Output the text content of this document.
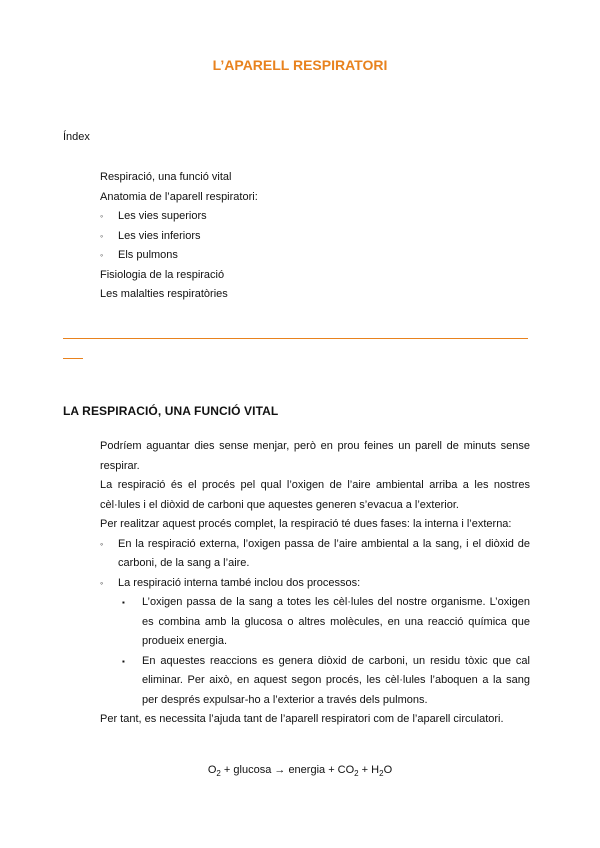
L’APARELL RESPIRATORI
Índex
Respiració, una funció vital
Anatomia de l’aparell respiratori:
◦ Les vies superiors
◦ Les vies inferiors
◦ Els pulmons
Fisiologia de la respiració
Les malalties respiratòries
LA RESPIRACIÓ, UNA FUNCIÓ VITAL

Podríem aguantar dies sense menjar, però en prou feines un parell de minuts sense respirar.

La respiració és el procés pel qual l’oxigen de l’aire ambiental arriba a les nostres cèl·lules i el diòxid de carboni que aquestes generen s’evacua a l’exterior.

Per realitzar aquest procés complet, la respiració té dues fases: la interna i l’externa:

◦ En la respiració externa, l’oxigen passa de l’aire ambiental a la sang, i el diòxid de carboni, de la sang a l’aire.
◦ La respiració interna també inclou dos processos:
▪ L’oxigen passa de la sang a totes les cèl·lules del nostre organisme. L’oxigen es combina amb la glucosa o altres molècules, en una reacció química que produeix energia.
▪ En aquestes reaccions es genera diòxid de carboni, un residu tòxic que cal eliminar. Per això, en aquest segon procés, les cèl·lules l’aboquen a la sang per després expulsar-ho a l’exterior a través dels pulmons.

Per tant, es necessita l’ajuda tant de l’aparell respiratori com de l’aparell circulatori.

$O_2 + glucosa$ → energia + $CO_2 + H_2O$
